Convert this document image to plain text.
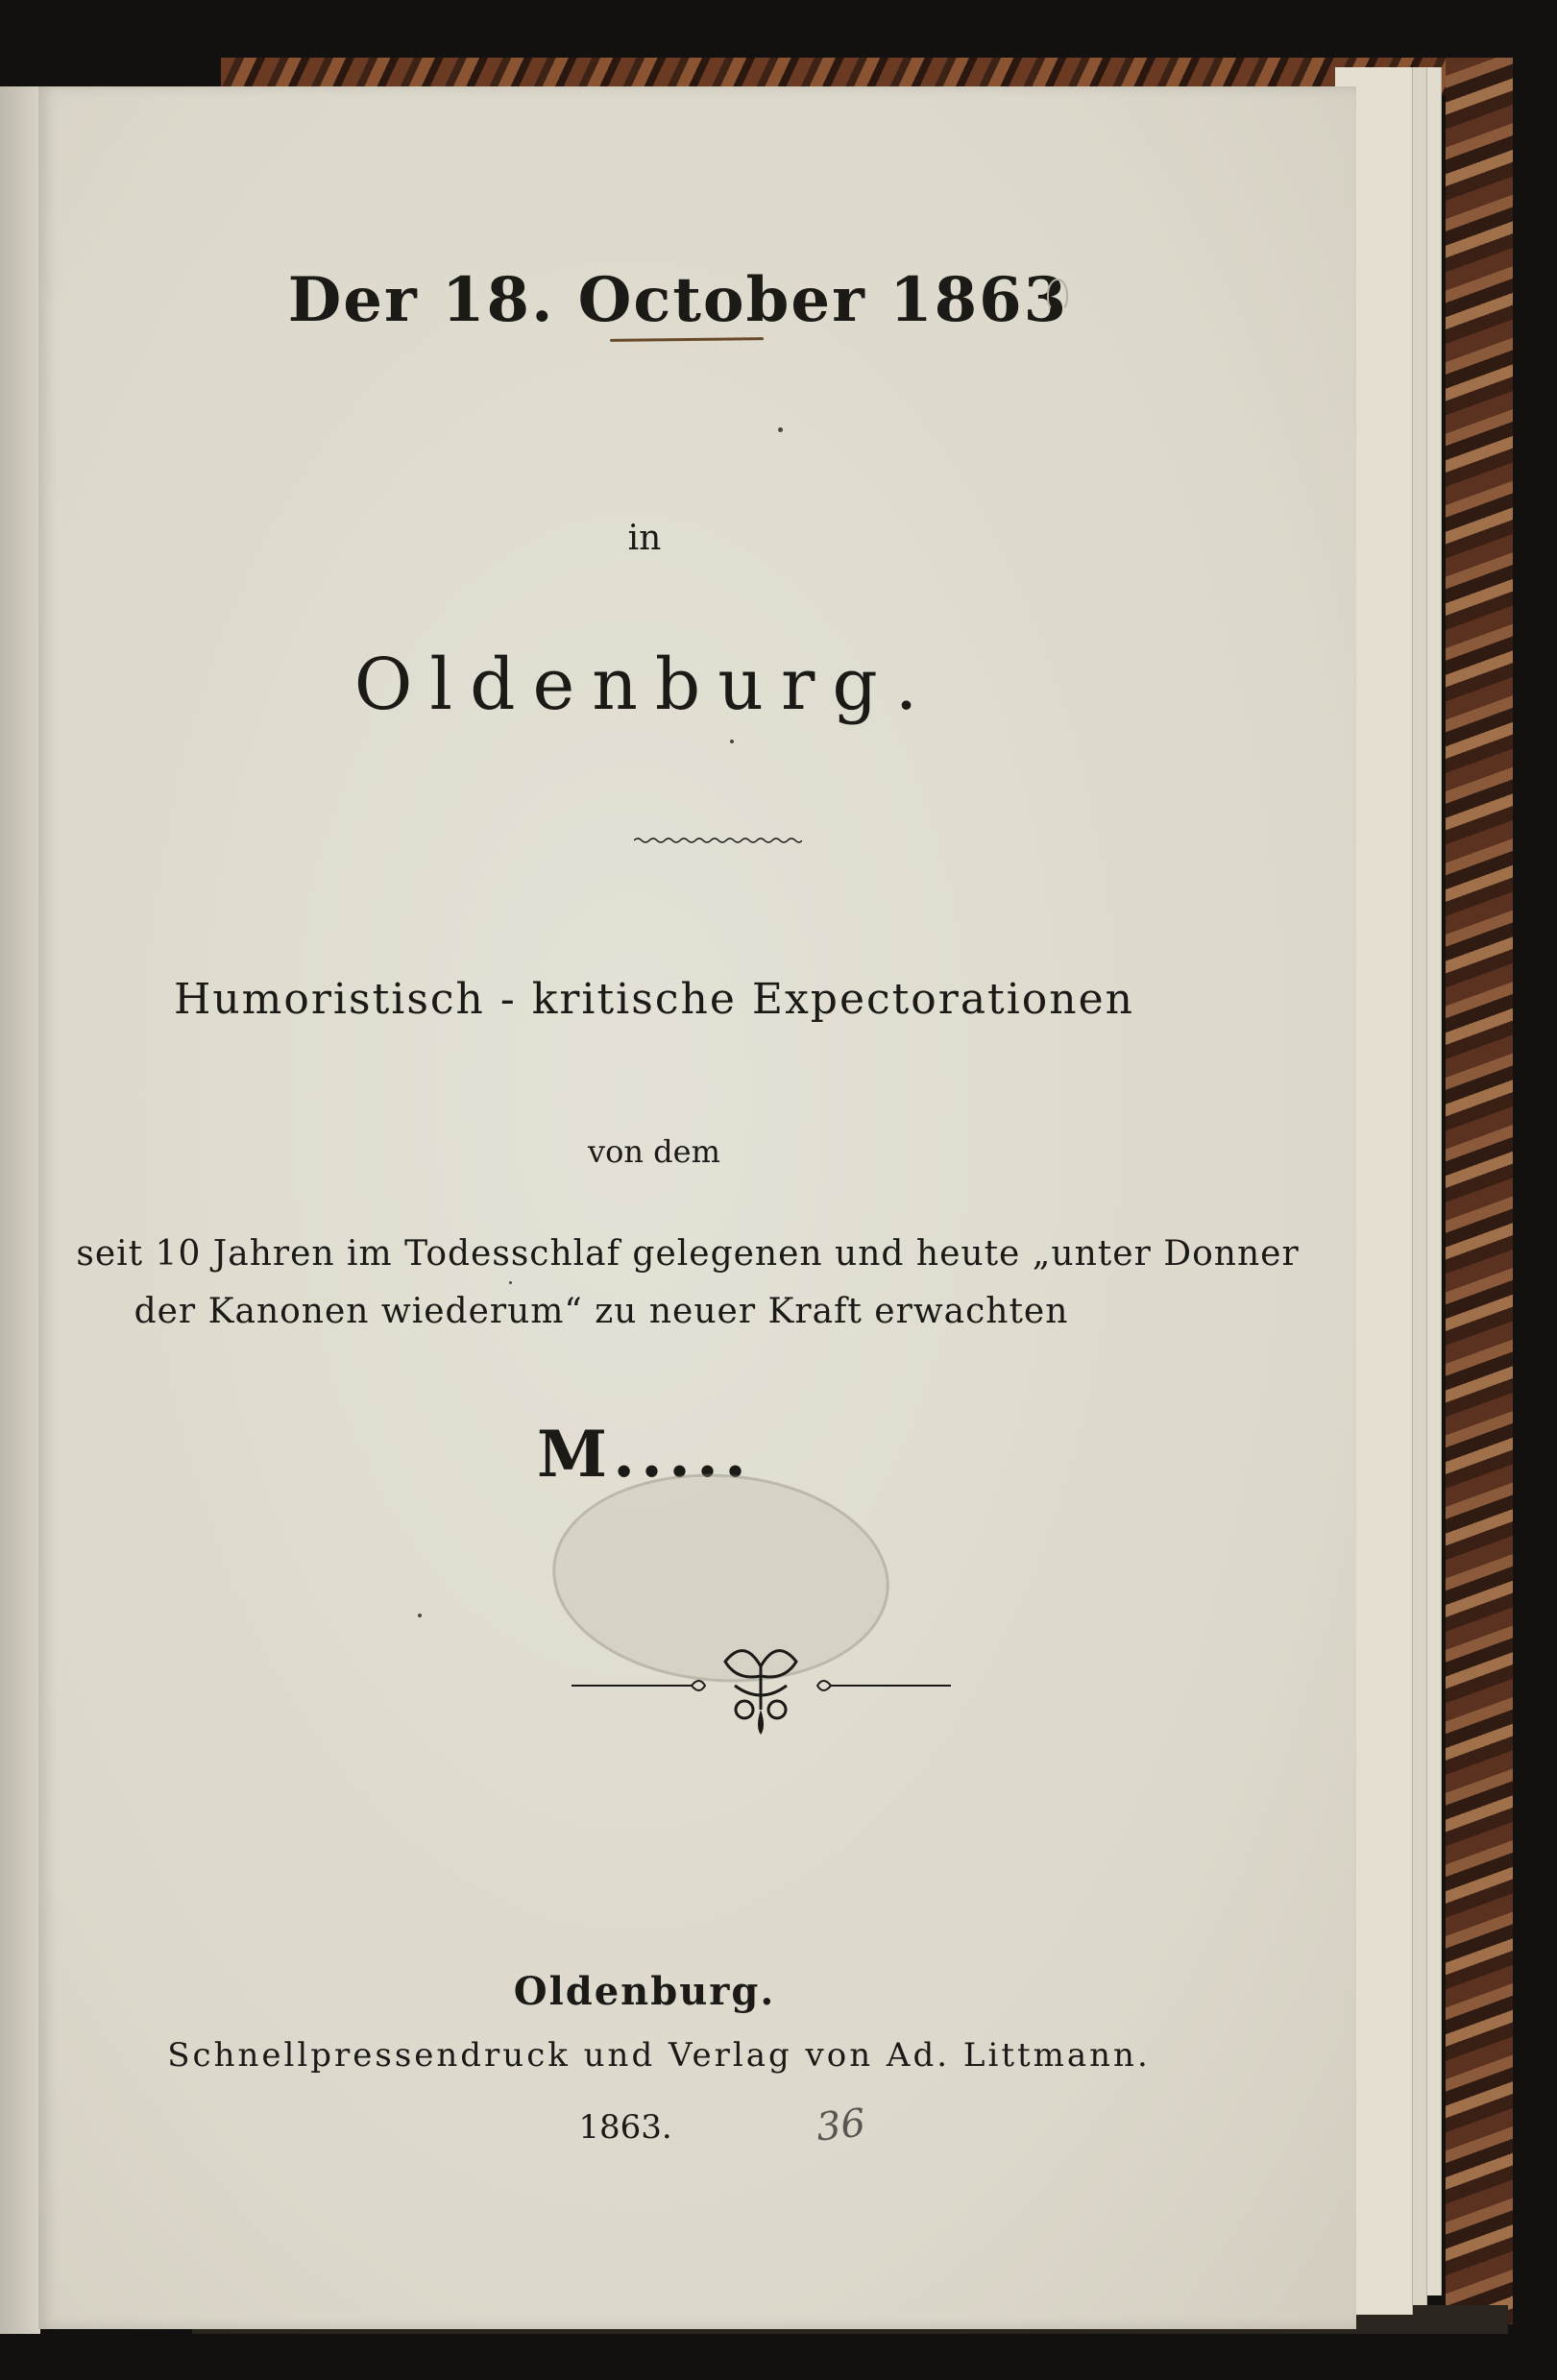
Der 18. October 1863
in
Oldenburg.
Humoristisch - kritische Expectorationen
von dem
seit 10 Jahren im Todesschlaf gelegenen und heute „unter Donner
der Kanonen wiederum“ zu neuer Kraft erwachten
M.....
Oldenburg.
Schnellpressendruck und Verlag von Ad. Littmann.
1863.	36
